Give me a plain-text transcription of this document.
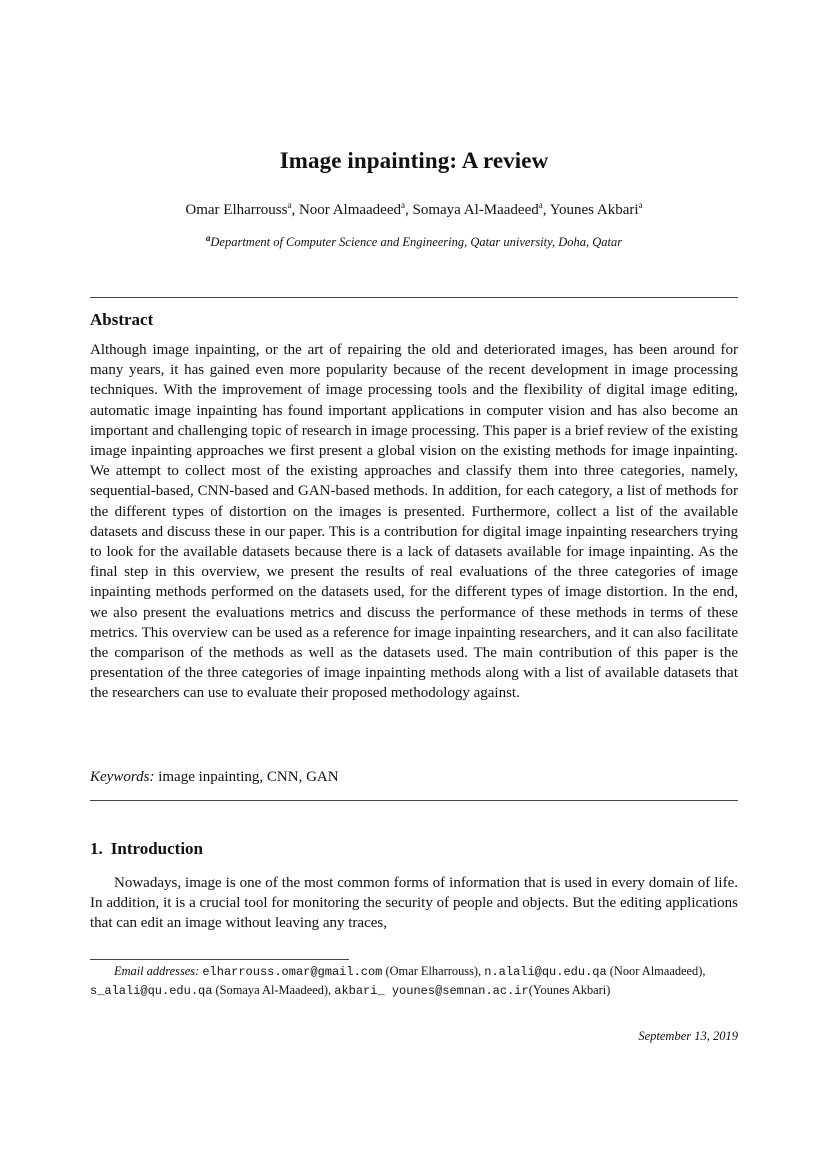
Image inpainting: A review
Omar Elharrouss$^a$, Noor Almaadeed$^a$, Somaya Al-Maadeed$^a$, Younes Akbari$^a$
$^a$Department of Computer Science and Engineering, Qatar university, Doha, Qatar
Abstract
Although image inpainting, or the art of repairing the old and deteriorated images, has been around for many years, it has gained even more popularity because of the recent development in image processing techniques. With the improvement of image processing tools and the flexibility of digital image editing, automatic image inpainting has found important applications in computer vision and has also become an important and challenging topic of research in image processing. This paper is a brief review of the existing image inpainting approaches we first present a global vision on the existing methods for image inpainting. We attempt to collect most of the existing approaches and classify them into three categories, namely, sequential-based, CNN-based and GAN-based methods. In addition, for each category, a list of methods for the different types of distortion on the images is presented. Furthermore, collect a list of the available datasets and discuss these in our paper. This is a contribution for digital image inpainting researchers trying to look for the available datasets because there is a lack of datasets available for image inpainting. As the final step in this overview, we present the results of real evaluations of the three categories of image inpainting methods performed on the datasets used, for the different types of image distortion. In the end, we also present the evaluations metrics and discuss the performance of these methods in terms of these metrics. This overview can be used as a reference for image inpainting researchers, and it can also facilitate the comparison of the methods as well as the datasets used. The main contribution of this paper is the presentation of the three categories of image inpainting methods along with a list of available datasets that the researchers can use to evaluate their proposed methodology against.
Keywords: image inpainting, CNN, GAN
1. Introduction
Nowadays, image is one of the most common forms of information that is used in every domain of life. In addition, it is a crucial tool for monitoring the security of people and objects. But the editing applications that can edit an image without leaving any traces,
Email addresses: elharrouss.omar@gmail.com (Omar Elharrouss), n.alali@qu.edu.qa (Noor Almaadeed), s_alali@qu.edu.qa (Somaya Al-Maadeed), akbari_ younes@semnan.ac.ir(Younes Akbari)
September 13, 2019
